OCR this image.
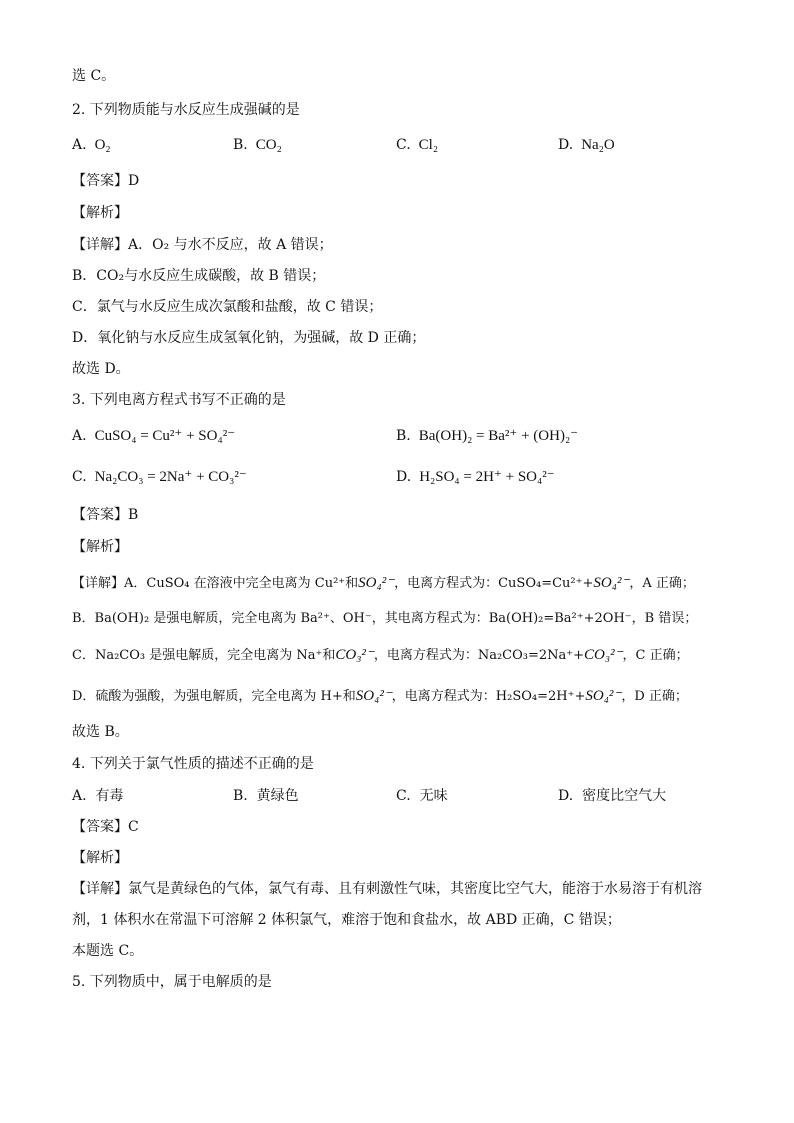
选 C。
2. 下列物质能与水反应生成强碱的是
A. O₂	B. CO₂	C. Cl₂	D. Na₂O
【答案】D
【解析】
【详解】A．O₂ 与水不反应，故 A 错误；
B．CO₂与水反应生成碳酸，故 B 错误；
C．氯气与水反应生成次氯酸和盐酸，故 C 错误；
D．氧化钠与水反应生成氢氧化钠，为强碱，故 D 正确；
故选 D。
3. 下列电离方程式书写不正确的是
A. CuSO₄ = Cu²⁺ + SO₄²⁻	B. Ba(OH)₂ = Ba²⁺ + (OH)₂⁻
C. Na₂CO₃ = 2Na⁺ + CO₃²⁻	D. H₂SO₄ = 2H⁺ + SO₄²⁻
【答案】B
【解析】
【详解】A．CuSO₄ 在溶液中完全电离为 Cu²⁺和SO₄²⁻，电离方程式为：CuSO₄=Cu²⁺+SO₄²⁻，A 正确；
B．Ba(OH)₂ 是强电解质，完全电离为 Ba²⁺、OH⁻，其电离方程式为：Ba(OH)₂=Ba²⁺+2OH⁻，B 错误；
C．Na₂CO₃ 是强电解质，完全电离为 Na⁺和CO₃²⁻，电离方程式为：Na₂CO₃=2Na⁺+CO₃²⁻，C 正确；
D．硫酸为强酸，为强电解质，完全电离为 H+和SO₄²⁻，电离方程式为：H₂SO₄=2H⁺+SO₄²⁻，D 正确；
故选 B。
4. 下列关于氯气性质的描述不正确的是
A. 有毒	B. 黄绿色	C. 无味	D. 密度比空气大
【答案】C
【解析】
【详解】氯气是黄绿色的气体，氯气有毒、且有刺激性气味，其密度比空气大，能溶于水易溶于有机溶
剂，1 体积水在常温下可溶解 2 体积氯气，难溶于饱和食盐水，故 ABD 正确，C 错误；
本题选 C。
5. 下列物质中，属于电解质的是
